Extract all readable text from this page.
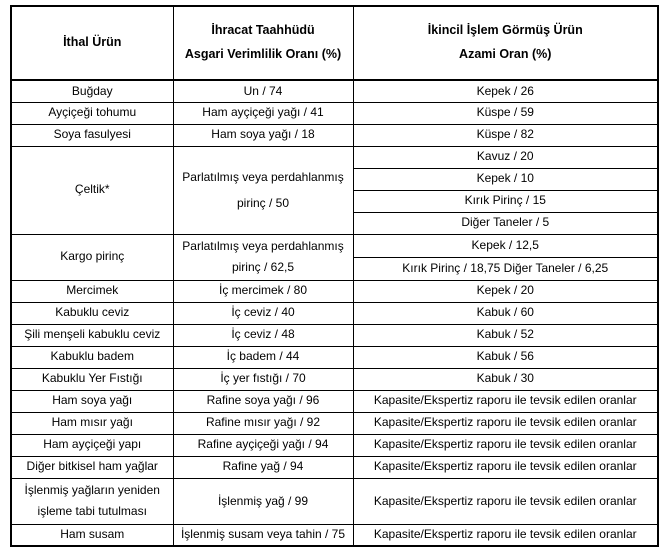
İthal Ürün

İhracat Taahhüdü
Asgari Verimlilik Oranı (%)

İkincil İşlem Görmüş Ürün
Azami Oran (%)

Buğday	Un / 74	Kepek / 26
Ayçiçeği tohumu	Ham ayçiçeği yağı / 41	Küspe / 59
Soya fasulyesi	Ham soya yağı / 18	Küspe / 82
Çeltik*	Parlatılmış veya perdahlanmış pirinç / 50	Kavuz / 20
		Kepek / 10
		Kırık Pirinç / 15
		Diğer Taneler / 5
Kargo pirinç	Parlatılmış veya perdahlanmış pirinç / 62,5	Kepek / 12,5
		Kırık Pirinç / 18,75 Diğer Taneler / 6,25
Mercimek	İç mercimek / 80	Kepek / 20
Kabuklu ceviz	İç ceviz / 40	Kabuk / 60
Şili menşeli kabuklu ceviz	İç ceviz / 48	Kabuk / 52
Kabuklu badem	İç badem / 44	Kabuk / 56
Kabuklu Yer Fıstığı	İç yer fıstığı / 70	Kabuk / 30
Ham soya yağı	Rafine soya yağı / 96	Kapasite/Ekspertiz raporu ile tevsik edilen oranlar
Ham mısır yağı	Rafine mısır yağı / 92	Kapasite/Ekspertiz raporu ile tevsik edilen oranlar
Ham ayçiçeği yapı	Rafine ayçiçeği yağı / 94	Kapasite/Ekspertiz raporu ile tevsik edilen oranlar
Diğer bitkisel ham yağlar	Rafine yağ / 94	Kapasite/Ekspertiz raporu ile tevsik edilen oranlar
İşlenmiş yağların yeniden işleme tabi tutulması	İşlenmiş yağ / 99	Kapasite/Ekspertiz raporu ile tevsik edilen oranlar
Ham susam	İşlenmiş susam veya tahin / 75	Kapasite/Ekspertiz raporu ile tevsik edilen oranlar
